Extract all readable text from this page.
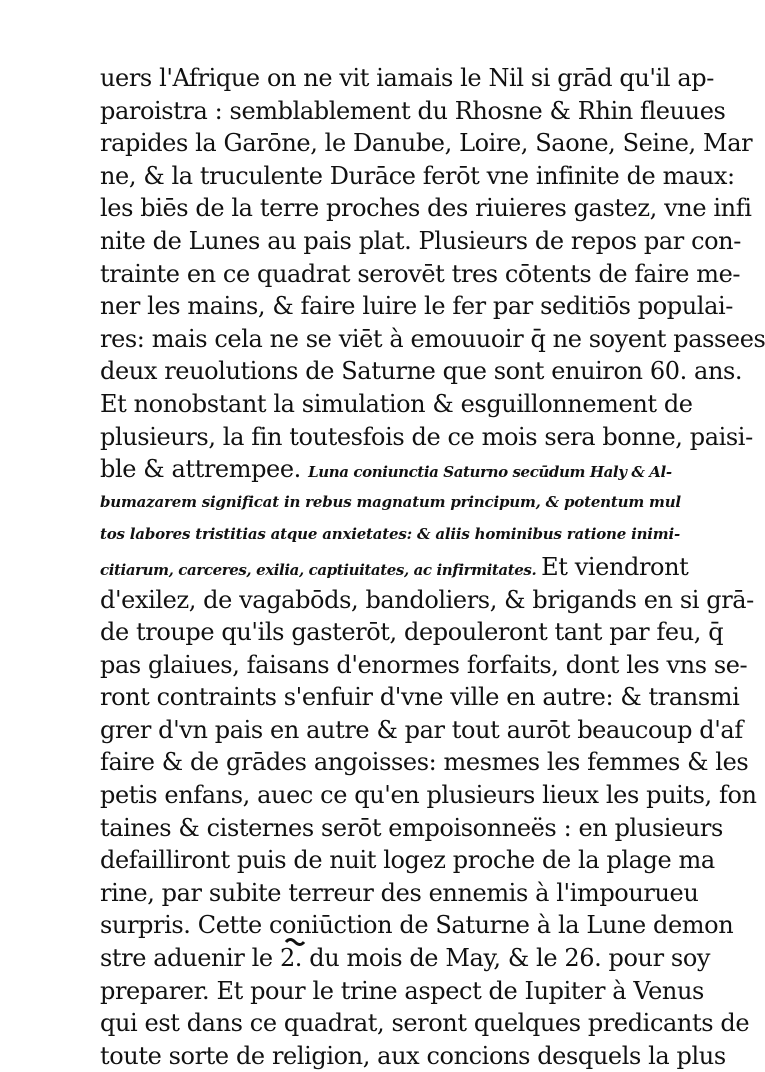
uers l'Afrique on ne vit iamais le Nil si grād qu'il ap-
paroistra : semblablement du Rhosne & Rhin fleuues
rapides la Garōne, le Danube, Loire, Saone, Seine, Mar
ne, & la truculente Durāce ferōt vne infinite de maux:
les biēs de la terre proches des riuieres gastez, vne infi
nite de Lunes au pais plat. Plusieurs de repos par con-
trainte en ce quadrat serovēt tres cōtents de faire me-
ner les mains, & faire luire le fer par seditiōs populai-
res: mais cela ne se viēt à emouuoir q̄ ne soyent passees
deux reuolutions de Saturne que sont enuiron 60. ans.
Et nonobstant la simulation & esguillonnement de
plusieurs, la fin toutesfois de ce mois sera bonne, paisi-
ble & attrempee. Luna coniunctia Saturno secūdum Haly & Al-
bumazarem significat in rebus magnatum principum, & potentum mul
tos labores tristitias atque anxietates: & aliis hominibus ratione inimi-
citiarum, carceres, exilia, captiuitates, ac infirmitates. Et viendront
d'exilez, de vagabōds, bandoliers, & brigands en si grā-
de troupe qu'ils gasterōt, depouleront tant par feu, q̄
pas glaiues, faisans d'enormes forfaits, dont les vns se-
ront contraints s'enfuir d'vne ville en autre: & transmi
grer d'vn pais en autre & par tout aurōt beaucoup d'af
faire & de grādes angoisses: mesmes les femmes & les
petis enfans, auec ce qu'en plusieurs lieux les puits, fon
taines & cisternes serōt empoisonneës : en plusieurs
defailliront puis de nuit logez proche de la plage ma
rine, par subite terreur des ennemis à l'impourueu
surpris. Cette coniūction de Saturne à la Lune demon
stre aduenir le 2. du mois de May, & le 26. pour soy
preparer. Et pour le trine aspect de Iupiter à Venus
qui est dans ce quadrat, seront quelques predicants de
toute sorte de religion, aux concions desquels la plus
